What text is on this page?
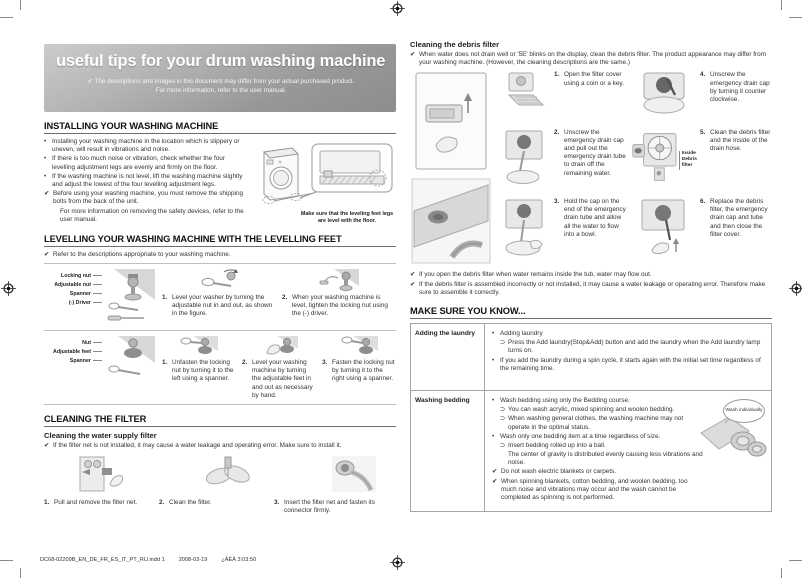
useful tips for your drum washing machine
✔ The descriptions and images in this document may differ from your actual purchased product. For more information, refer to the user manual.
INSTALLING YOUR WASHING MACHINE
• Installing your washing machine in the location which is slippery or uneven, will result in vibrations and noise.
• If there is too much noise or vibration, check whether the four levelling adjustment legs are evenly and firmly on the floor.
• If the washing machine is not level, lift the washing machine slightly and adjust the lowest of the four levelling adjustment legs.
✔ Before using your washing machine, you must remove the shipping bolts from the back of the unit.
For more information on removing the safety devices, refer to the user manual.
Make sure that the leveling feet legs are level with the floor.
LEVELLING YOUR WASHING MACHINE WITH THE LEVELLING FEET
✔ Refer to the descriptions appropriate to your washing machine.
Locking nut
Adjustable nut
Spanner
(-) Driver
1. Level your washer by turning the adjustable nut in and out, as shown in the figure.
2. When your washing machine is level, tighten the locking nut using the (-) driver.
Nut
Adjustable feet
Spanner	1. Unfasten the locking nut by turning it to the left using a spanner.
2. Level your washing machine by turning the adjustable feet in and out as necessary by hand.
3. Fasten the locking nut by turning it to the right using a spanner.
CLEANING THE FILTER
Cleaning the water supply filter
✔ If the filter net is not installed, it may cause a water leakage and operating error. Make sure to install it.
1. Pull and remove the filter net.	2. Clean the filter.	3. Insert the filter net and fasten its connector firmly.
Cleaning the debris filter
✔ When water does not drain well or '5E' blinks on the display, clean the debris filter. The product appearance may differ from your washing machine. (However, the cleaning descriptions are the same.)
1. Open the filter cover using a coin or a key.
4. Unscrew the emergency drain cap by turning it counter clockwise.
2. Unscrew the emergency drain cap and pull out the emergency drain tube to drain off the remaining water.
Inside
Debris
filter
5. Clean the debris filter and the inside of the drain hose.
3. Hold the cap on the end of the emergency drain tube and allow all the water to flow into a bowl.
6. Replace the debris filter, the emergency drain cap and tube and then close the filter cover.
✔ If you open the debris filter when water remains inside the tub, water may flow out.
✔ If the debris filter is assembled incorrectly or not installed, it may cause a water leakage or operating error. Therefore make sure to assemble it correctly.
MAKE SURE YOU KNOW...
Adding the laundry	• Adding laundry
⊃ Press the Add laundry(Stop&Add) button and add the laundry when the Add laundry lamp turns on.
• If you add the laundry during a spin cycle, it starts again with the initial set time regardless of the remaining time.
Washing bedding	• Wash bedding using only the Bedding course.
⊃ You can wash acrylic, mixed spinning and woolen bedding.
⊃ When washing general clothes, the washing machine may not operate in the optimal status.
• Wash only one bedding item at a time regardless of size.
⊃ Insert bedding rolled up into a ball.
The center of gravity is distributed evenly causing less vibrations and noise.
✔ Do not wash electric blankets or carpets.
✔ When spinning blankets, cotton bedding, and woolen bedding, too much noise and vibrations may occur and the wash cannot be completed as spinning is not performed.
Wash individually
DC68-02209B_EN_DE_FR_ES_IT_PT_RU.indd 1	2008-03-19	¿ÀÈÄ 3:03:50
